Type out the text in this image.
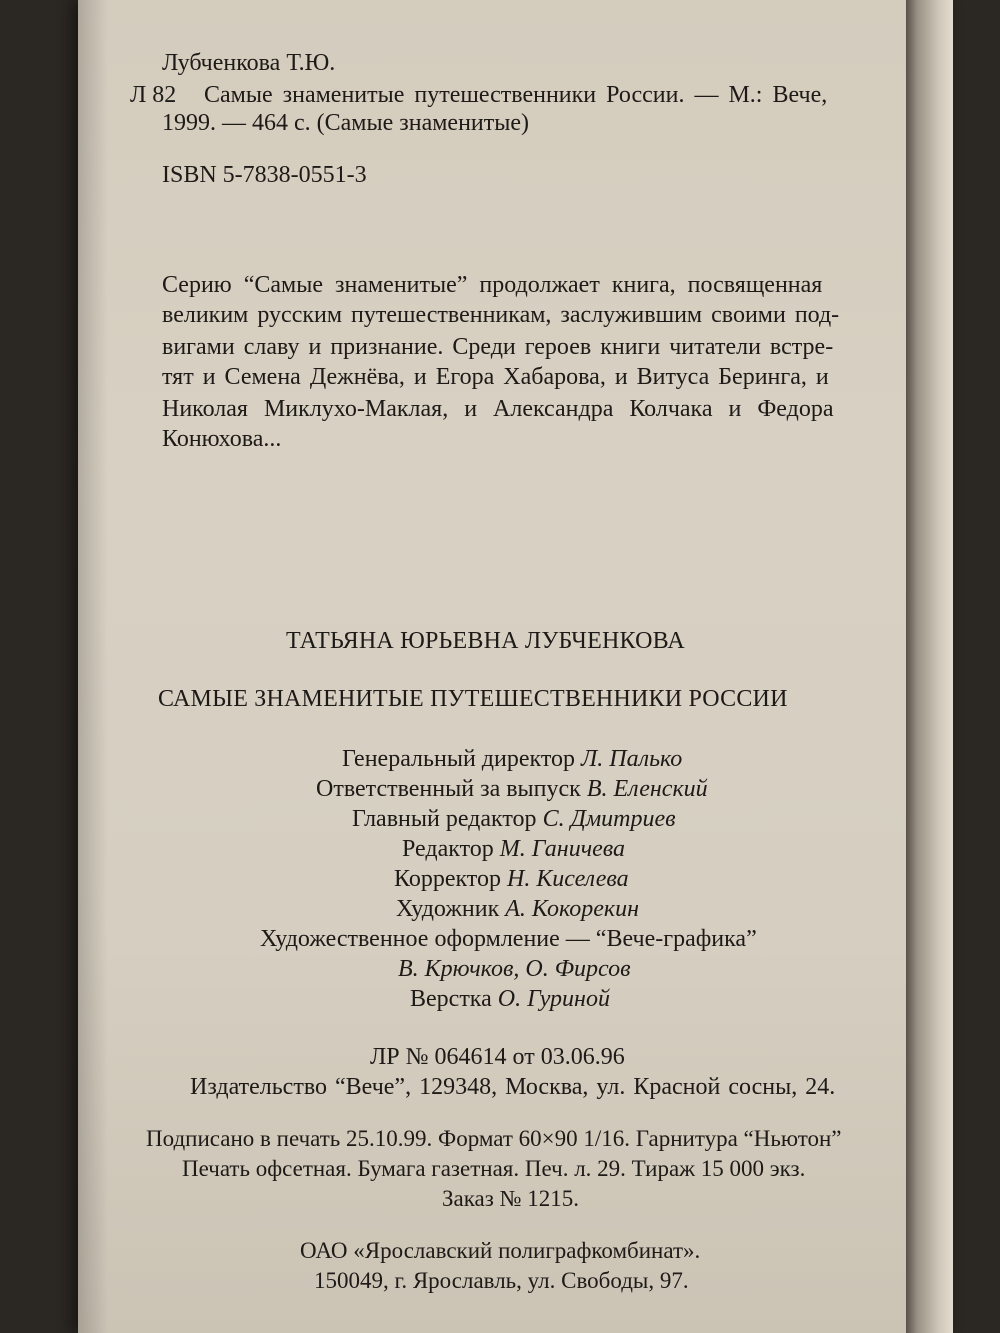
Лубченкова Т.Ю.
Л 82 Самые знаменитые путешественники России. — М.: Вече,
1999. — 464 с. (Самые знаменитые)
ISBN 5-7838-0551-3
Серию “Самые знаменитые” продолжает книга, посвященная
великим русским путешественникам, заслужившим своими под-
вигами славу и признание. Среди героев книги читатели встре-
тят и Семена Дежнёва, и Егора Хабарова, и Витуса Беринга, и
Николая Миклухо-Маклая, и Александра Колчака и Федора
Конюхова...
ТАТЬЯНА ЮРЬЕВНА ЛУБЧЕНКОВА
САМЫЕ ЗНАМЕНИТЫЕ ПУТЕШЕСТВЕННИКИ РОССИИ
Генеральный директор Л. Палько
Ответственный за выпуск В. Еленский
Главный редактор С. Дмитриев
Редактор М. Ганичева
Корректор Н. Киселева
Художник А. Кокорекин
Художественное оформление — “Вече-графика”
В. Крючков, О. Фирсов
Верстка О. Гуриной
ЛР № 064614 от 03.06.96
Издательство “Вече”, 129348, Москва, ул. Красной сосны, 24.
Подписано в печать 25.10.99. Формат 60×90 1/16. Гарнитура “Ньютон”
Печать офсетная. Бумага газетная. Печ. л. 29. Тираж 15 000 экз.
Заказ № 1215.
ОАО «Ярославский полиграфкомбинат».
150049, г. Ярославль, ул. Свободы, 97.
